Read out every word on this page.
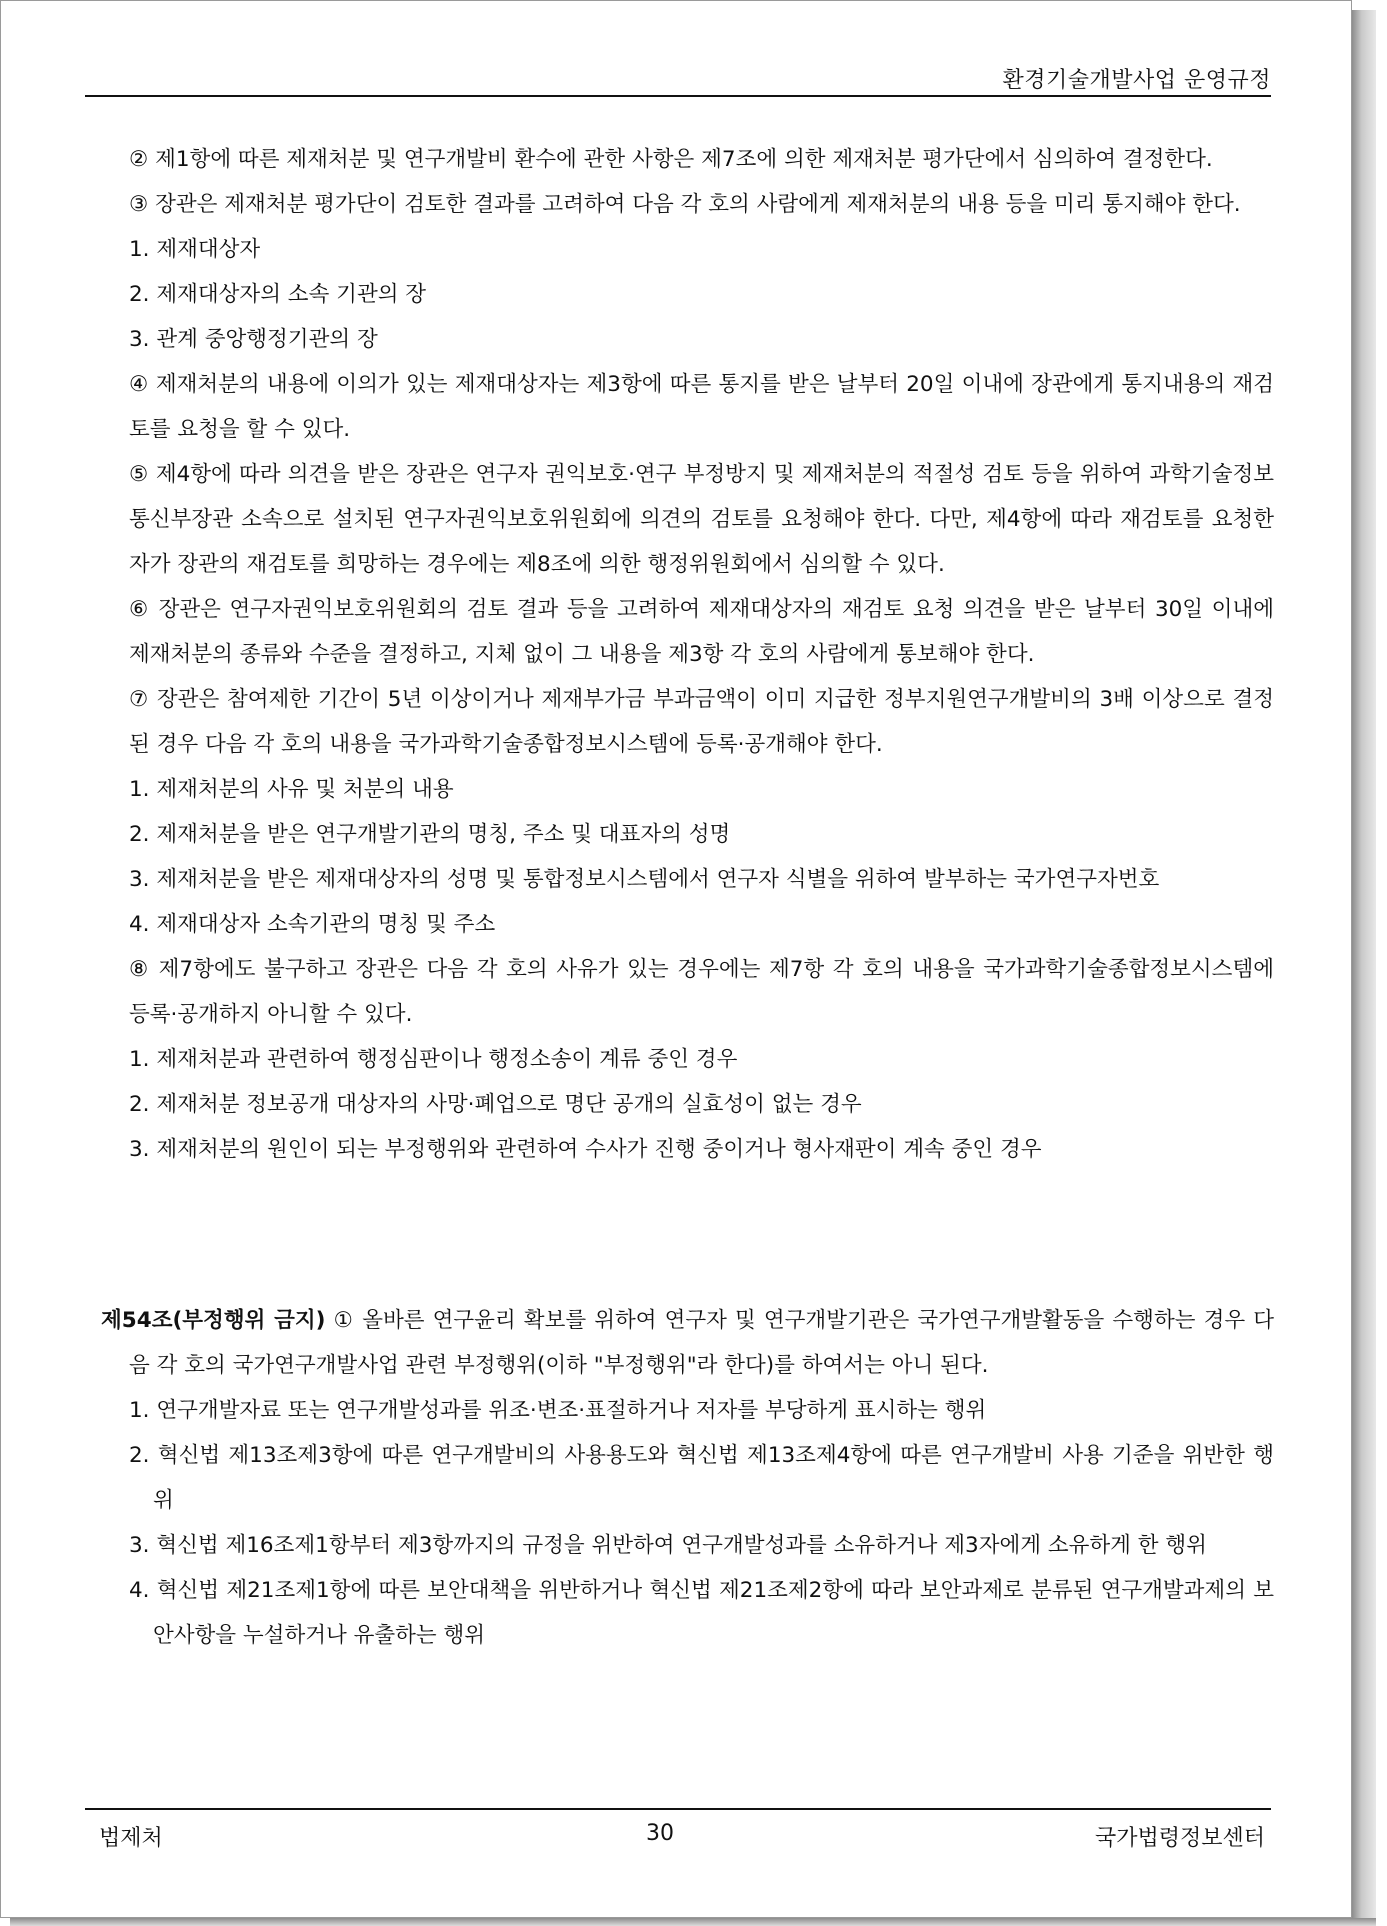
환경기술개발사업 운영규정

② 제1항에 따른 제재처분 및 연구개발비 환수에 관한 사항은 제7조에 의한 제재처분 평가단에서 심의하여 결정한다.

③ 장관은 제재처분 평가단이 검토한 결과를 고려하여 다음 각 호의 사람에게 제재처분의 내용 등을 미리 통지해야 한다.

1. 제재대상자

2. 제재대상자의 소속 기관의 장

3. 관계 중앙행정기관의 장

④ 제재처분의 내용에 이의가 있는 제재대상자는 제3항에 따른 통지를 받은 날부터 20일 이내에 장관에게 통지내용의 재검토를 요청을 할 수 있다.

⑤ 제4항에 따라 의견을 받은 장관은 연구자 권익보호·연구 부정방지 및 제재처분의 적절성 검토 등을 위하여 과학기술정보통신부장관 소속으로 설치된 연구자권익보호위원회에 의견의 검토를 요청해야 한다. 다만, 제4항에 따라 재검토를 요청한 자가 장관의 재검토를 희망하는 경우에는 제8조에 의한 행정위원회에서 심의할 수 있다.

⑥ 장관은 연구자권익보호위원회의 검토 결과 등을 고려하여 제재대상자의 재검토 요청 의견을 받은 날부터 30일 이내에 제재처분의 종류와 수준을 결정하고, 지체 없이 그 내용을 제3항 각 호의 사람에게 통보해야 한다.

⑦ 장관은 참여제한 기간이 5년 이상이거나 제재부가금 부과금액이 이미 지급한 정부지원연구개발비의 3배 이상으로 결정된 경우 다음 각 호의 내용을 국가과학기술종합정보시스템에 등록·공개해야 한다.

1. 제재처분의 사유 및 처분의 내용

2. 제재처분을 받은 연구개발기관의 명칭, 주소 및 대표자의 성명

3. 제재처분을 받은 제재대상자의 성명 및 통합정보시스템에서 연구자 식별을 위하여 발부하는 국가연구자번호

4. 제재대상자 소속기관의 명칭 및 주소

⑧ 제7항에도 불구하고 장관은 다음 각 호의 사유가 있는 경우에는 제7항 각 호의 내용을 국가과학기술종합정보시스템에 등록·공개하지 아니할 수 있다.

1. 제재처분과 관련하여 행정심판이나 행정소송이 계류 중인 경우

2. 제재처분 정보공개 대상자의 사망·폐업으로 명단 공개의 실효성이 없는 경우

3. 제재처분의 원인이 되는 부정행위와 관련하여 수사가 진행 중이거나 형사재판이 계속 중인 경우

제54조(부정행위 금지) ① 올바른 연구윤리 확보를 위하여 연구자 및 연구개발기관은 국가연구개발활동을 수행하는 경우 다음 각 호의 국가연구개발사업 관련 부정행위(이하 "부정행위"라 한다)를 하여서는 아니 된다.

1. 연구개발자료 또는 연구개발성과를 위조·변조·표절하거나 저자를 부당하게 표시하는 행위

2. 혁신법 제13조제3항에 따른 연구개발비의 사용용도와 혁신법 제13조제4항에 따른 연구개발비 사용 기준을 위반한 행위

3. 혁신법 제16조제1항부터 제3항까지의 규정을 위반하여 연구개발성과를 소유하거나 제3자에게 소유하게 한 행위

4. 혁신법 제21조제1항에 따른 보안대책을 위반하거나 혁신법 제21조제2항에 따라 보안과제로 분류된 연구개발과제의 보안사항을 누설하거나 유출하는 행위

법제처	30	국가법령정보센터
